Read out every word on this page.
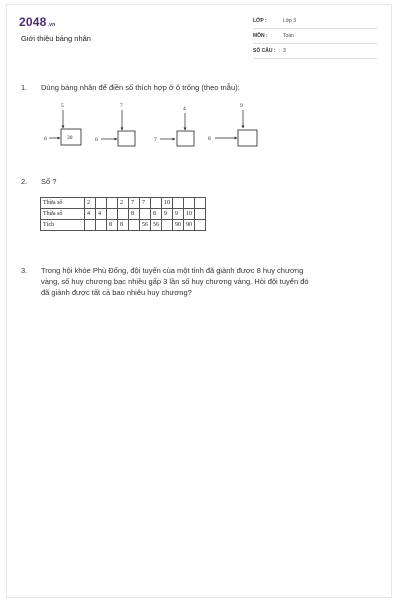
2048.vn
Giới thiệu bảng nhân
LỚP :	Lớp 3
MÔN :	Toán
SỐ CÂU : 3
1. Dùng bảng nhân để điền số thích hợp ở ô trống (theo mẫu):
5
6	30
7
6
4
7
9
8
2. Số ?
Thừa số	2			2	7	7		10			
Thừa số	4	4			8		8	9	9	10	
Tích			8	8		56	56		90	90	
3. Trong hội khỏe Phù Đổng, đội tuyển của một tỉnh đã giành được 8 huy chương
vàng, số huy chương bạc nhiều gấp 3 lần số huy chương vàng. Hỏi đội tuyển đó
đã giành được tất cả bao nhiêu huy chương?
